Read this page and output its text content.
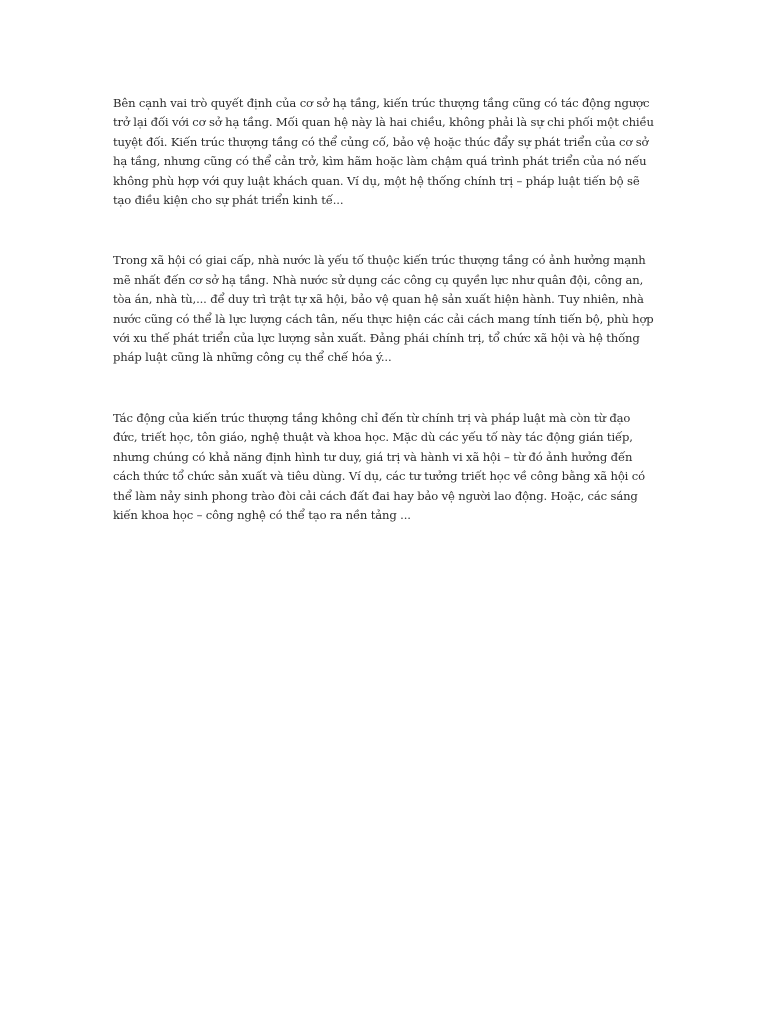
Bên cạnh vai trò quyết định của cơ sở hạ tầng, kiến trúc thượng tầng cũng có tác động ngược trở lại đối với cơ sở hạ tầng. Mối quan hệ này là hai chiều, không phải là sự chi phối một chiều tuyệt đối. Kiến trúc thượng tầng có thể củng cố, bảo vệ hoặc thúc đẩy sự phát triển của cơ sở hạ tầng, nhưng cũng có thể cản trở, kìm hãm hoặc làm chậm quá trình phát triển của nó nếu không phù hợp với quy luật khách quan. Ví dụ, một hệ thống chính trị – pháp luật tiến bộ sẽ tạo điều kiện cho sự phát triển kinh tế...

Trong xã hội có giai cấp, nhà nước là yếu tố thuộc kiến trúc thượng tầng có ảnh hưởng mạnh mẽ nhất đến cơ sở hạ tầng. Nhà nước sử dụng các công cụ quyền lực như quân đội, công an, tòa án, nhà tù,... để duy trì trật tự xã hội, bảo vệ quan hệ sản xuất hiện hành. Tuy nhiên, nhà nước cũng có thể là lực lượng cách tân, nếu thực hiện các cải cách mang tính tiến bộ, phù hợp với xu thế phát triển của lực lượng sản xuất. Đảng phái chính trị, tổ chức xã hội và hệ thống pháp luật cũng là những công cụ thể chế hóa ý...

Tác động của kiến trúc thượng tầng không chỉ đến từ chính trị và pháp luật mà còn từ đạo đức, triết học, tôn giáo, nghệ thuật và khoa học. Mặc dù các yếu tố này tác động gián tiếp, nhưng chúng có khả năng định hình tư duy, giá trị và hành vi xã hội – từ đó ảnh hưởng đến cách thức tổ chức sản xuất và tiêu dùng. Ví dụ, các tư tưởng triết học về công bằng xã hội có thể làm nảy sinh phong trào đòi cải cách đất đai hay bảo vệ người lao động. Hoặc, các sáng kiến khoa học – công nghệ có thể tạo ra nền tảng ...
